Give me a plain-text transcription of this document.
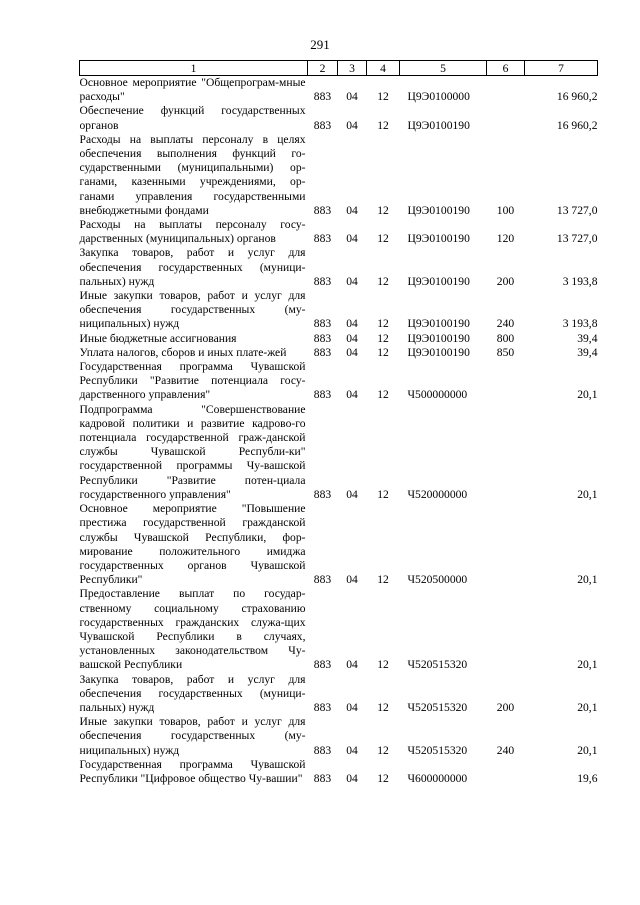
291
1	2	3	4	5	6	7
Основное мероприятие "Общепрограм-мные расходы"	883	04	12	Ц9Э0100000		16 960,2
Обеспечение функций государственных органов	883	04	12	Ц9Э0100190		16 960,2
Расходы на выплаты персоналу в целях обеспечения выполнения функций го-сударственными (муниципальными) ор-ганами, казенными учреждениями, ор-ганами управления государственными внебюджетными фондами	883	04	12	Ц9Э0100190	100	13 727,0
Расходы на выплаты персоналу госу-дарственных (муниципальных) органов	883	04	12	Ц9Э0100190	120	13 727,0
Закупка товаров, работ и услуг для обеспечения государственных (муници-пальных) нужд	883	04	12	Ц9Э0100190	200	3 193,8
Иные закупки товаров, работ и услуг для обеспечения государственных (му-ниципальных) нужд	883	04	12	Ц9Э0100190	240	3 193,8
Иные бюджетные ассигнования	883	04	12	Ц9Э0100190	800	39,4
Уплата налогов, сборов и иных плате-жей	883	04	12	Ц9Э0100190	850	39,4
Государственная программа Чувашской Республики "Развитие потенциала госу-дарственного управления"	883	04	12	Ч500000000		20,1
Подпрограмма "Совершенствование кадровой политики и развитие кадрово-го потенциала государственной граж-данской службы Чувашской Республи-ки" государственной программы Чу-вашской Республики "Развитие потен-циала государственного управления"	883	04	12	Ч520000000		20,1
Основное мероприятие "Повышение престижа государственной гражданской службы Чувашской Республики, фор-мирование положительного имиджа государственных органов Чувашской Республики"	883	04	12	Ч520500000		20,1
Предоставление выплат по государ-ственному социальному страхованию государственных гражданских служа-щих Чувашской Республики в случаях, установленных законодательством Чу-вашской Республики	883	04	12	Ч520515320		20,1
Закупка товаров, работ и услуг для обеспечения государственных (муници-пальных) нужд	883	04	12	Ч520515320	200	20,1
Иные закупки товаров, работ и услуг для обеспечения государственных (му-ниципальных) нужд	883	04	12	Ч520515320	240	20,1
Государственная программа Чувашской Республики "Цифровое общество Чу-вашии"	883	04	12	Ч600000000		19,6
